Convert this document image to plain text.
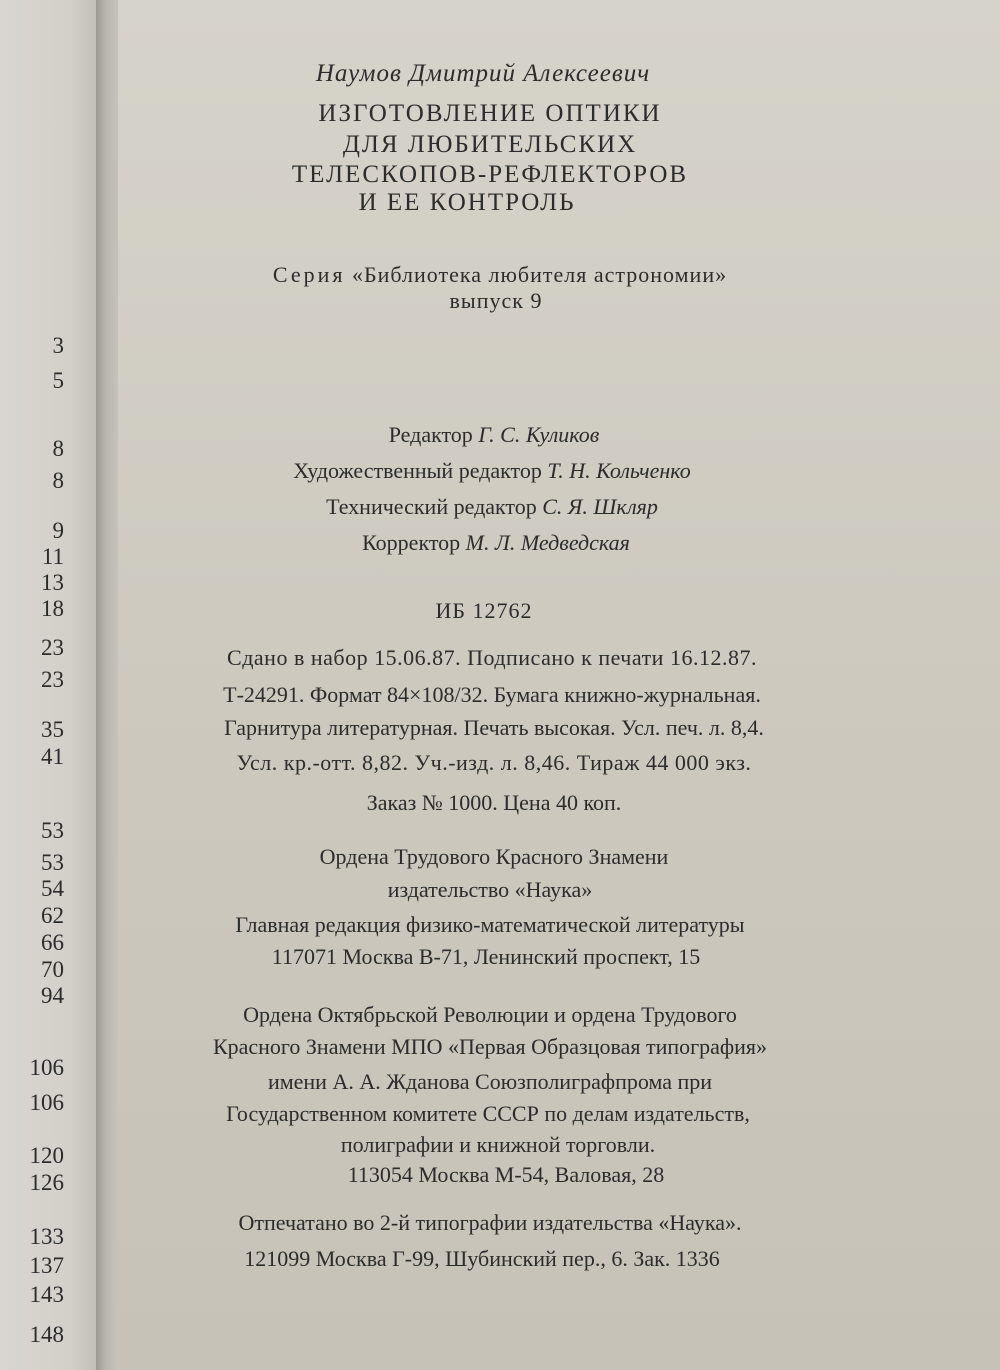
3
5
8
8
9
11
13
18
23
23
35
41
53
53
54
62
66
70
94
106
106
120
126
133
137
143
148
Наумов Дмитрий Алексеевич
ИЗГОТОВЛЕНИЕ ОПТИКИ
ДЛЯ ЛЮБИТЕЛЬСКИХ
ТЕЛЕСКОПОВ-РЕФЛЕКТОРОВ
И ЕЕ КОНТРОЛЬ
Серия «Библиотека любителя астрономии»
выпуск 9
Редактор Г. С. Куликов
Художественный редактор Т. Н. Кольченко
Технический редактор С. Я. Шкляр
Корректор М. Л. Медведская
ИБ 12762
Сдано в набор 15.06.87. Подписано к печати 16.12.87.
Т-24291. Формат 84×108/32. Бумага книжно-журнальная.
Гарнитура литературная. Печать высокая. Усл. печ. л. 8,4.
Усл. кр.-отт. 8,82. Уч.-изд. л. 8,46. Тираж 44 000 экз.
Заказ № 1000. Цена 40 коп.
Ордена Трудового Красного Знамени
издательство «Наука»
Главная редакция физико-математической литературы
117071 Москва В-71, Ленинский проспект, 15
Ордена Октябрьской Революции и ордена Трудового
Красного Знамени МПО «Первая Образцовая типография»
имени А. А. Жданова Союзполиграфпрома при
Государственном комитете СССР по делам издательств,
полиграфии и книжной торговли.
113054 Москва М-54, Валовая, 28
Отпечатано во 2-й типографии издательства «Наука».
121099 Москва Г-99, Шубинский пер., 6. Зак. 1336
